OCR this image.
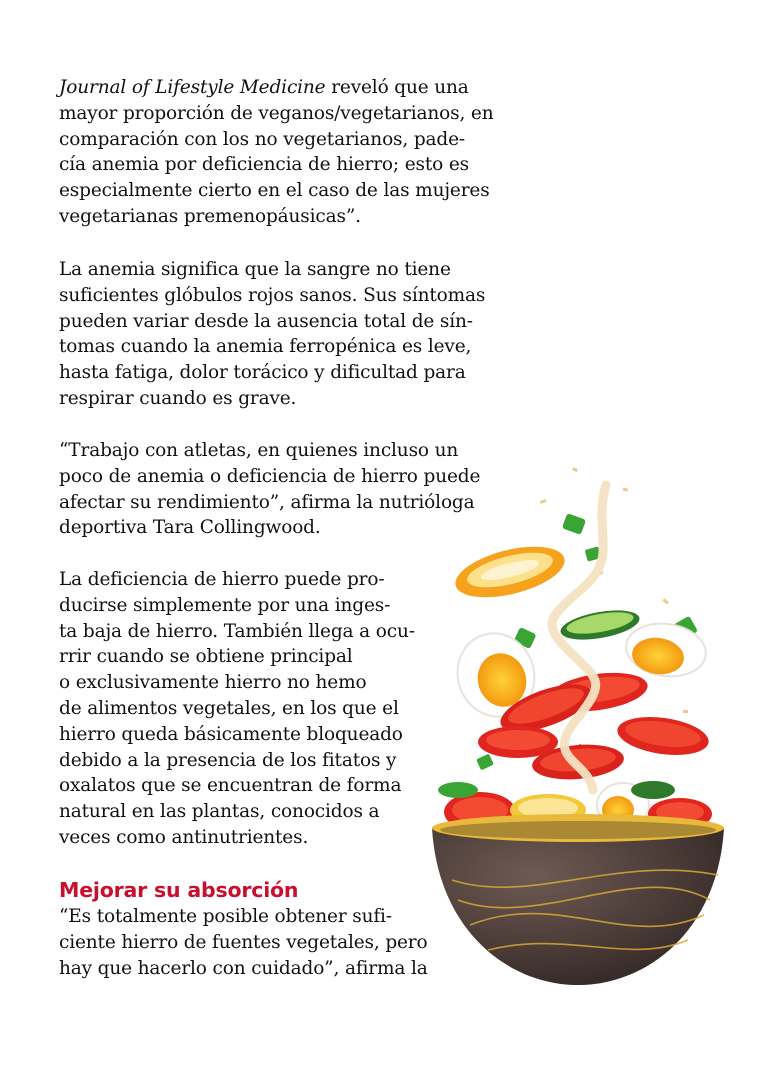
Journal of Lifestyle Medicine reveló que una
mayor proporción de veganos/vegetarianos, en
comparación con los no vegetarianos, pade-
cía anemia por deficiencia de hierro; esto es
especialmente cierto en el caso de las mujeres
vegetarianas premenopáusicas”.

La anemia significa que la sangre no tiene
suficientes glóbulos rojos sanos. Sus síntomas
pueden variar desde la ausencia total de sín-
tomas cuando la anemia ferropénica es leve,
hasta fatiga, dolor torácico y dificultad para
respirar cuando es grave.

“Trabajo con atletas, en quienes incluso un
poco de anemia o deficiencia de hierro puede
afectar su rendimiento”, afirma la nutrióloga
deportiva Tara Collingwood.

La deficiencia de hierro puede pro-
ducirse simplemente por una inges-
ta baja de hierro. También llega a ocu-
rrir cuando se obtiene principal
o exclusivamente hierro no hemo
de alimentos vegetales, en los que el
hierro queda básicamente bloqueado
debido a la presencia de los fitatos y
oxalatos que se encuentran de forma
natural en las plantas, conocidos a
veces como antinutrientes.

Mejorar su absorción

“Es totalmente posible obtener sufi-
ciente hierro de fuentes vegetales, pero
hay que hacerlo con cuidado”, afirma la
